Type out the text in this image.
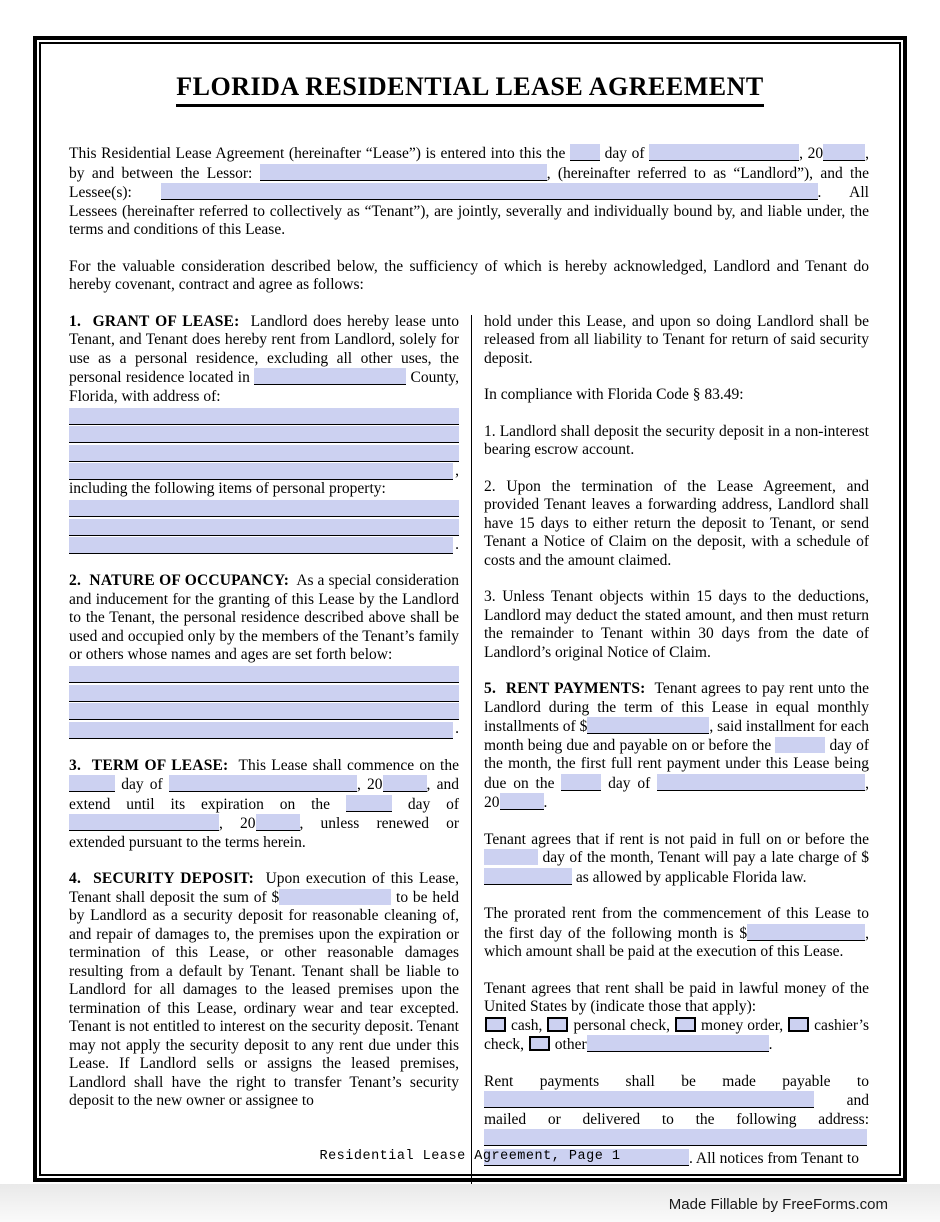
FLORIDA RESIDENTIAL LEASE AGREEMENT
This Residential Lease Agreement (hereinafter “Lease”) is entered into this the  day of	, 20	, by and between the Lessor:	, (hereinafter referred to as “Landlord”), and the Lessee(s):	. All Lessees (hereinafter referred to collectively as “Tenant”), are jointly, severally and individually bound by, and liable under, the terms and conditions of this Lease.
For the valuable consideration described below, the sufficiency of which is hereby acknowledged, Landlord and Tenant do hereby covenant, contract and agree as follows:
1.  GRANT OF LEASE:  Landlord does hereby lease unto Tenant, and Tenant does hereby rent from Landlord, solely for use as a personal residence, excluding all other uses, the personal residence located in	County, Florida, with address of:
,
including the following items of personal property:
.
2.  NATURE OF OCCUPANCY:  As a special consideration and inducement for the granting of this Lease by the Landlord to the Tenant, the personal residence described above shall be used and occupied only by the members of the Tenant’s family or others whose names and ages are set forth below:
.
3.  TERM OF LEASE:  This Lease shall commence on the  day of	, 20	, and extend until its expiration on the	day of , 20	, unless renewed or extended pursuant to the terms herein.
4.  SECURITY DEPOSIT:  Upon execution of this Lease, Tenant shall deposit the sum of $	to be held by Landlord as a security deposit for reasonable cleaning of, and repair of damages to, the premises upon the expiration or termination of this Lease, or other reasonable damages resulting from a default by Tenant. Tenant shall be liable to Landlord for all damages to the leased premises upon the termination of this Lease, ordinary wear and tear excepted. Tenant is not entitled to interest on the security deposit. Tenant may not apply the security deposit to any rent due under this Lease. If Landlord sells or assigns the leased premises, Landlord shall have the right to transfer Tenant’s security deposit to the new owner or assignee to
hold under this Lease, and upon so doing Landlord shall be released from all liability to Tenant for return of said security deposit.
In compliance with Florida Code § 83.49:
1. Landlord shall deposit the security deposit in a non-interest bearing escrow account.
2. Upon the termination of the Lease Agreement, and provided Tenant leaves a forwarding address, Landlord shall have 15 days to either return the deposit to Tenant, or send Tenant a Notice of Claim on the deposit, with a schedule of costs and the amount claimed.
3. Unless Tenant objects within 15 days to the deductions, Landlord may deduct the stated amount, and then must return the remainder to Tenant within 30 days from the date of Landlord’s original Notice of Claim.
5.  RENT PAYMENTS:  Tenant agrees to pay rent unto the Landlord during the term of this Lease in equal monthly installments of $	, said installment for each month being due and payable on or before the	day of the month, the first full rent payment under this Lease being due on the	day of	, 20	.
Tenant agrees that if rent is not paid in full on or before the  day of the month, Tenant will pay a late charge of $ as allowed by applicable Florida law.
The prorated rent from the commencement of this Lease to the first day of the following month is $	, which amount shall be paid at the execution of this Lease.
Tenant agrees that rent shall be paid in lawful money of the United States by (indicate those that apply):
cash,  personal check,  money order,  cashier’s check,  other	.
Rent payments shall be made payable to  and mailed or delivered to the following address:  . All notices from Tenant to
Residential Lease Agreement, Page 1
Made Fillable by FreeForms.com
